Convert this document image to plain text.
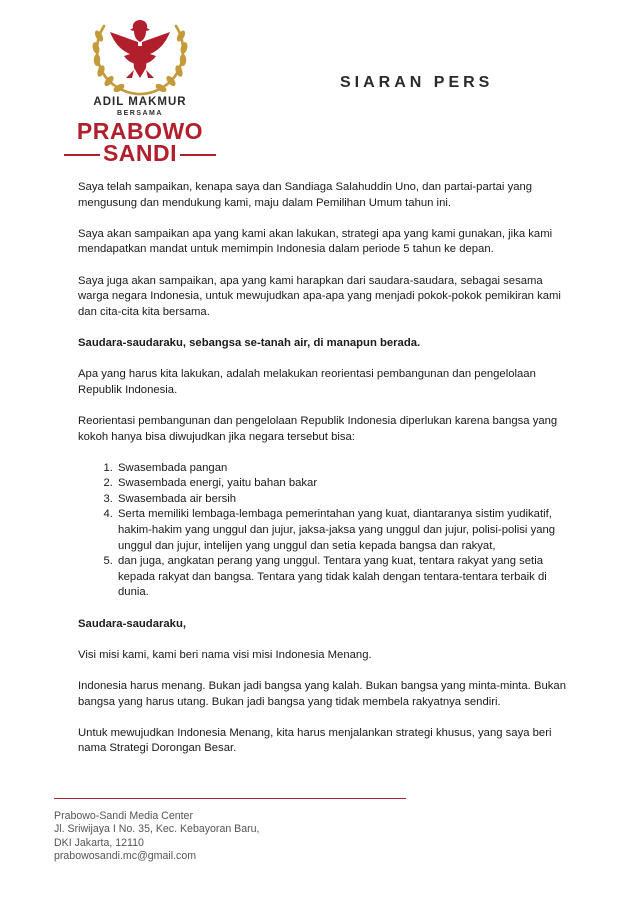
ADIL MAKMUR
BERSAMA
PRABOWO
SANDI
SIARAN PERS

Saya telah sampaikan, kenapa saya dan Sandiaga Salahuddin Uno, dan partai-partai yang mengusung dan mendukung kami, maju dalam Pemilihan Umum tahun ini.

Saya akan sampaikan apa yang kami akan lakukan, strategi apa yang kami gunakan, jika kami mendapatkan mandat untuk memimpin Indonesia dalam periode 5 tahun ke depan.

Saya juga akan sampaikan, apa yang kami harapkan dari saudara-saudara, sebagai sesama warga negara Indonesia, untuk mewujudkan apa-apa yang menjadi pokok-pokok pemikiran kami dan cita-cita kita bersama.

Saudara-saudaraku, sebangsa se-tanah air, di manapun berada.

Apa yang harus kita lakukan, adalah melakukan reorientasi pembangunan dan pengelolaan Republik Indonesia.

Reorientasi pembangunan dan pengelolaan Republik Indonesia diperlukan karena bangsa yang kokoh hanya bisa diwujudkan jika negara tersebut bisa:

1. Swasembada pangan
2. Swasembada energi, yaitu bahan bakar
3. Swasembada air bersih
4. Serta memiliki lembaga-lembaga pemerintahan yang kuat, diantaranya sistim yudikatif, hakim-hakim yang unggul dan jujur, jaksa-jaksa yang unggul dan jujur, polisi-polisi yang unggul dan jujur, intelijen yang unggul dan setia kepada bangsa dan rakyat,
5. dan juga, angkatan perang yang unggul. Tentara yang kuat, tentara rakyat yang setia kepada rakyat dan bangsa. Tentara yang tidak kalah dengan tentara-tentara terbaik di dunia.

Saudara-saudaraku,

Visi misi kami, kami beri nama visi misi Indonesia Menang.

Indonesia harus menang. Bukan jadi bangsa yang kalah. Bukan bangsa yang minta-minta. Bukan bangsa yang harus utang. Bukan jadi bangsa yang tidak membela rakyatnya sendiri.

Untuk mewujudkan Indonesia Menang, kita harus menjalankan strategi khusus, yang saya beri nama Strategi Dorongan Besar.

Prabowo-Sandi Media Center
Jl. Sriwijaya I No. 35, Kec. Kebayoran Baru,
DKI Jakarta, 12110
prabowosandi.mc@gmail.com
